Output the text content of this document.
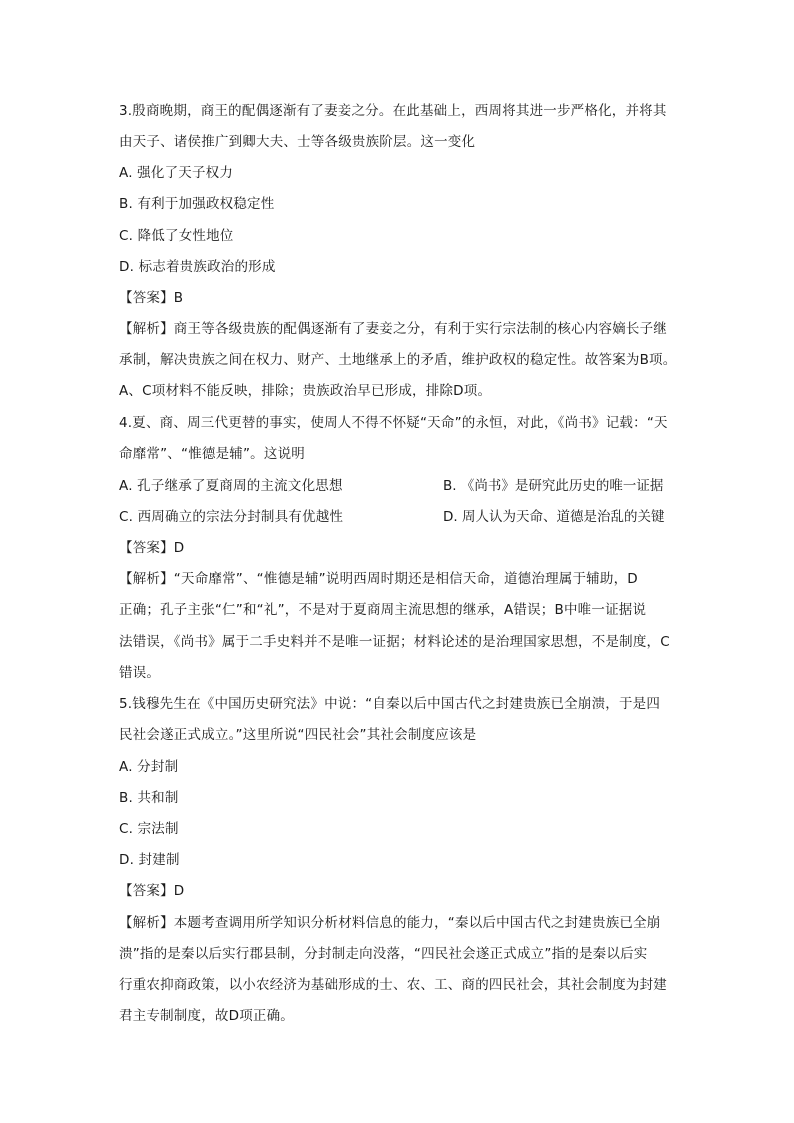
3.殷商晚期，商王的配偶逐渐有了妻妾之分。在此基础上，西周将其进一步严格化，并将其
由天子、诸侯推广到卿大夫、士等各级贵族阶层。这一变化
A. 强化了天子权力
B. 有利于加强政权稳定性
C. 降低了女性地位
D. 标志着贵族政治的形成
【答案】B
【解析】商王等各级贵族的配偶逐渐有了妻妾之分，有利于实行宗法制的核心内容嫡长子继
承制，解决贵族之间在权力、财产、土地继承上的矛盾，维护政权的稳定性。故答案为B项。
A、C项材料不能反映，排除；贵族政治早已形成，排除D项。
4.夏、商、周三代更替的事实，使周人不得不怀疑“天命”的永恒，对此，《尚书》记载：“天
命靡常”、“惟德是辅”。这说明
A. 孔子继承了夏商周的主流文化思想	B. 《尚书》是研究此历史的唯一证据
C. 西周确立的宗法分封制具有优越性	D. 周人认为天命、道德是治乱的关键
【答案】D
【解析】“天命靡常”、“惟德是辅”说明西周时期还是相信天命，道德治理属于辅助，D
正确；孔子主张“仁”和“礼”，不是对于夏商周主流思想的继承，A错误；B中唯一证据说
法错误，《尚书》属于二手史料并不是唯一证据；材料论述的是治理国家思想，不是制度，C
错误。
5.钱穆先生在《中国历史研究法》中说：“自秦以后中国古代之封建贵族已全崩溃，于是四
民社会遂正式成立。”这里所说“四民社会”其社会制度应该是
A. 分封制
B. 共和制
C. 宗法制
D. 封建制
【答案】D
【解析】本题考查调用所学知识分析材料信息的能力，“秦以后中国古代之封建贵族已全崩
溃”指的是秦以后实行郡县制，分封制走向没落，“四民社会遂正式成立”指的是秦以后实
行重农抑商政策，以小农经济为基础形成的士、农、工、商的四民社会，其社会制度为封建
君主专制制度，故D项正确。
